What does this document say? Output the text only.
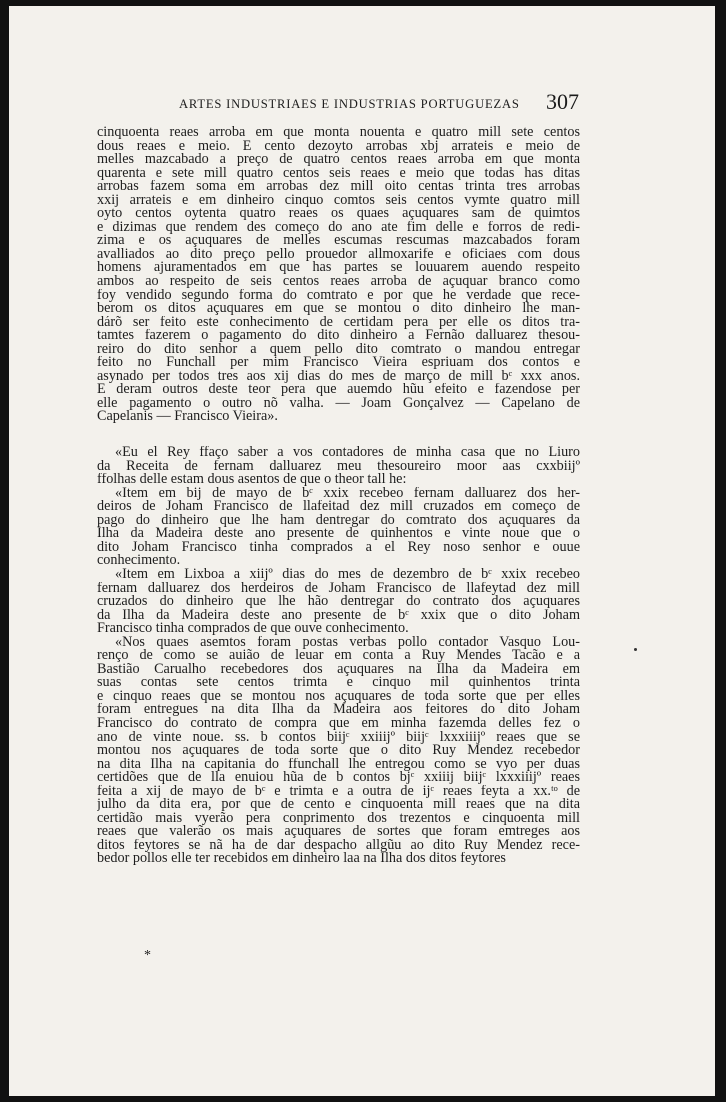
ARTES INDUSTRIAES E INDUSTRIAS PORTUGUEZAS 307
cinquoenta reaes arroba em que monta nouenta e quatro mill sete centos
dous reaes e meio. E cento dezoyto arrobas xbj arrateis e meio de
melles mazcabado a preço de quatro centos reaes arroba em que monta
quarenta e sete mill quatro centos seis reaes e meio que todas has ditas
arrobas fazem soma em arrobas dez mill oito centas trinta tres arrobas
xxij arrateis e em dinheiro cinquo comtos seis centos vymte quatro mill
oyto centos oytenta quatro reaes os quaes açuquares sam de quimtos
e dizimas que rendem des começo do ano ate fim delle e forros de redi-
zima e os açuquares de melles escumas rescumas mazcabados foram
avalliados ao dito preço pello prouedor allmoxarife e oficiaes com dous
homens ajuramentados em que has partes se louuarem auendo respeito
ambos ao respeito de seis centos reaes arroba de açuquar branco como
foy vendido segundo forma do comtrato e por que he verdade que rece-
berom os ditos açuquares em que se montou o dito dinheiro lhe man-
dárõ ser feito este conhecimento de certidam pera per elle os ditos tra-
tamtes fazerem o pagamento do dito dinheiro a Fernão dalluarez thesou-
reiro do dito senhor a quem pello dito comtrato o mandou entregar
feito no Funchall per mim Francisco Vieira espriuam dos contos e
asynado per todos tres aos xij dias do mes de março de mill bᶜ xxx anos.
E deram outros deste teor pera que auemdo hũu efeito e fazendose per
elle pagamento o outro nõ valha. — Joam Gonçalvez — Capelano de
Capelanis — Francisco Vieira».
«Eu el Rey ffaço saber a vos contadores de minha casa que no Liuro
da Receita de fernam dalluarez meu thesoureiro moor aas cxxbiijº
ffolhas delle estam dous asentos de que o theor tall he:
«Item em bij de mayo de bᶜ xxix recebeo fernam dalluarez dos her-
deiros de Joham Francisco de llafeitad dez mill cruzados em começo de
pago do dinheiro que lhe ham dentregar do comtrato dos açuquares da
Ilha da Madeira deste ano presente de quinhentos e vinte noue que o
dito Joham Francisco tinha comprados a el Rey noso senhor e ouue
conhecimento.
«Item em Lixboa a xiijº dias do mes de dezembro de bᶜ xxix recebeo
fernam dalluarez dos herdeiros de Joham Francisco de llafeytad dez mill
cruzados do dinheiro que lhe hão dentregar do contrato dos açuquares
da Ilha da Madeira deste ano presente de bᶜ xxix que o dito Joham
Francisco tinha comprados de que ouve conhecimento.
«Nos quaes asemtos foram postas verbas pollo contador Vasquo Lou-
renço de como se auião de leuar em conta a Ruy Mendes Tacão e a
Bastião Carualho recebedores dos açuquares na Ilha da Madeira em
suas contas sete centos trimta e cinquo mil quinhentos trinta
e cinquo reaes que se montou nos açuquares de toda sorte que per elles
foram entregues na dita Ilha da Madeira aos feitores do dito Joham
Francisco do contrato de compra que em minha fazemda delles fez o
ano de vinte noue. ss. b contos biijᶜ xxiiijº biijᶜ lxxxiiijº reaes que se
montou nos açuquares de toda sorte que o dito Ruy Mendez recebedor
na dita Ilha na capitania do ffunchall lhe entregou como se vyo per duas
certidões que de lla enuiou hũa de b contos bjᶜ xxiiij biijᶜ lxxxiiijº reaes
feita a xij de mayo de bᶜ e trimta e a outra de ijᶜ reaes feyta a xx.ᵗᵒ de
julho da dita era, por que de cento e cinquoenta mill reaes que na dita
certidão mais vyerão pera conprimento dos trezentos e cinquoenta mill
reaes que valerão os mais açuquares de sortes que foram emtreges aos
ditos feytores se nã ha de dar despacho allgũu ao dito Ruy Mendez rece-
bedor pollos elle ter recebidos em dinheiro laa na Ilha dos ditos feytores
*
